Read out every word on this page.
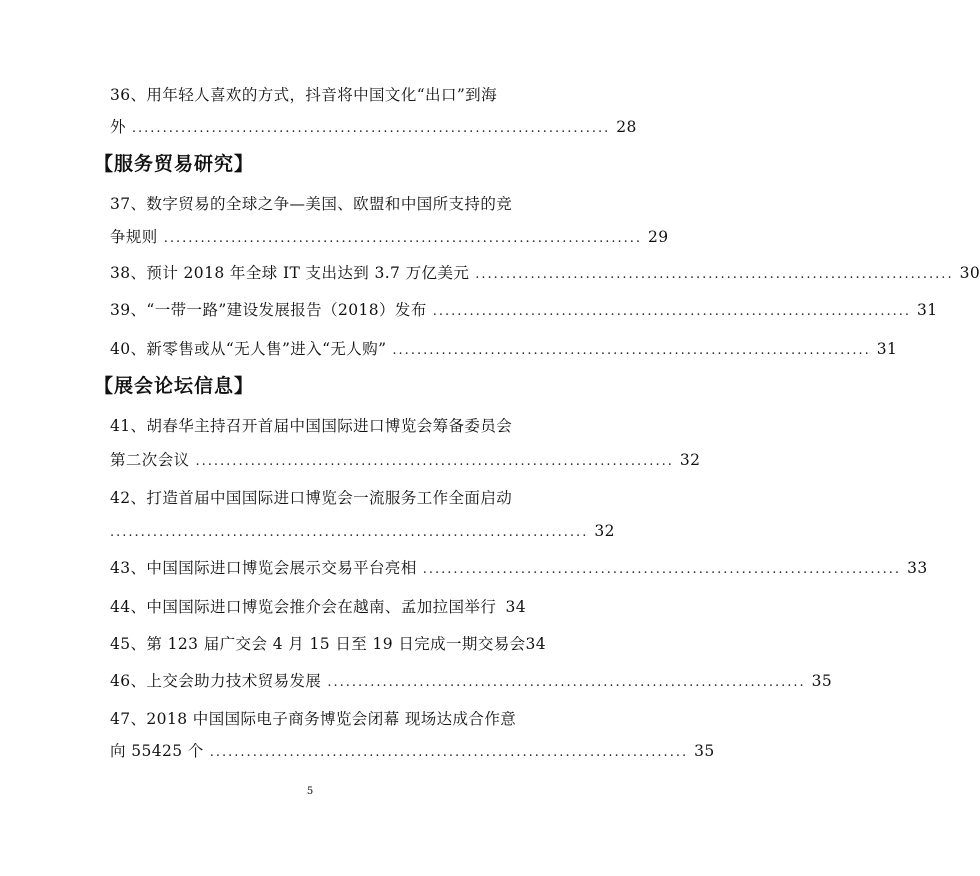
36、用年轻人喜欢的方式，抖音将中国文化“出口”到海
外 .............................................................................. 28
【服务贸易研究】
37、数字贸易的全球之争—美国、欧盟和中国所支持的竞
争规则 .............................................................................. 29
38、预计 2018 年全球 IT 支出达到 3.7 万亿美元 .............................................................................. 30
39、“一带一路”建设发展报告（2018）发布 .............................................................................. 31
40、新零售或从“无人售”进入“无人购” .............................................................................. 31
【展会论坛信息】
41、胡春华主持召开首届中国国际进口博览会筹备委员会
第二次会议 .............................................................................. 32
42、打造首届中国国际进口博览会一流服务工作全面启动
.............................................................................. 32
43、中国国际进口博览会展示交易平台亮相 .............................................................................. 33
44、中国国际进口博览会推介会在越南、孟加拉国举行 34
45、第 123 届广交会 4 月 15 日至 19 日完成一期交易会 34
46、上交会助力技术贸易发展 .............................................................................. 35
47、2018 中国国际电子商务博览会闭幕 现场达成合作意
向 55425 个 .............................................................................. 35
5
